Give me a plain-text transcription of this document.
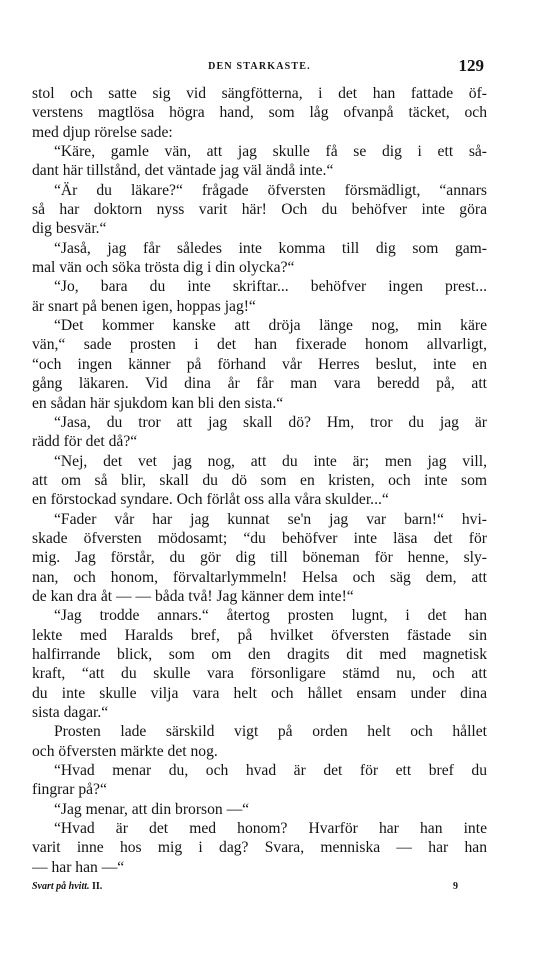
DEN STARKASTE.	129
stol och satte sig vid sängfötterna, i det han fattade öf-
verstens magtlösa högra hand, som låg ofvanpå täcket, och
med djup rörelse sade:
“Käre, gamle vän, att jag skulle få se dig i ett så-
dant här tillstånd, det väntade jag väl ändå inte.“
“Är du läkare?“ frågade öfversten försmädligt, “annars
så har doktorn nyss varit här! Och du behöfver inte göra
dig besvär.“
“Jaså, jag får således inte komma till dig som gam-
mal vän och söka trösta dig i din olycka?“
“Jo, bara du inte skriftar... behöfver ingen prest...
är snart på benen igen, hoppas jag!“
“Det kommer kanske att dröja länge nog, min käre
vän,“ sade prosten i det han fixerade honom allvarligt,
“och ingen känner på förhand vår Herres beslut, inte en
gång läkaren. Vid dina år får man vara beredd på, att
en sådan här sjukdom kan bli den sista.“
“Jasa, du tror att jag skall dö? Hm, tror du jag är
rädd för det då?“
“Nej, det vet jag nog, att du inte är; men jag vill,
att om så blir, skall du dö som en kristen, och inte som
en förstockad syndare. Och förlåt oss alla våra skulder...“
“Fader vår har jag kunnat se'n jag var barn!“ hvi-
skade öfversten mödosamt; “du behöfver inte läsa det för
mig. Jag förstår, du gör dig till böneman för henne, sly-
nan, och honom, förvaltarlymmeln! Helsa och säg dem, att
de kan dra åt — — båda två! Jag känner dem inte!“
“Jag trodde annars.“ återtog prosten lugnt, i det han
lekte med Haralds bref, på hvilket öfversten fästade sin
halfirrande blick, som om den dragits dit med magnetisk
kraft, “att du skulle vara försonligare stämd nu, och att
du inte skulle vilja vara helt och hållet ensam under dina
sista dagar.“
Prosten lade särskild vigt på orden helt och hållet
och öfversten märkte det nog.
“Hvad menar du, och hvad är det för ett bref du
fingrar på?“
“Jag menar, att din brorson —“
“Hvad är det med honom? Hvarför har han inte
varit inne hos mig i dag? Svara, menniska — har han
— har han —“
Svart på hvitt. II.	9
